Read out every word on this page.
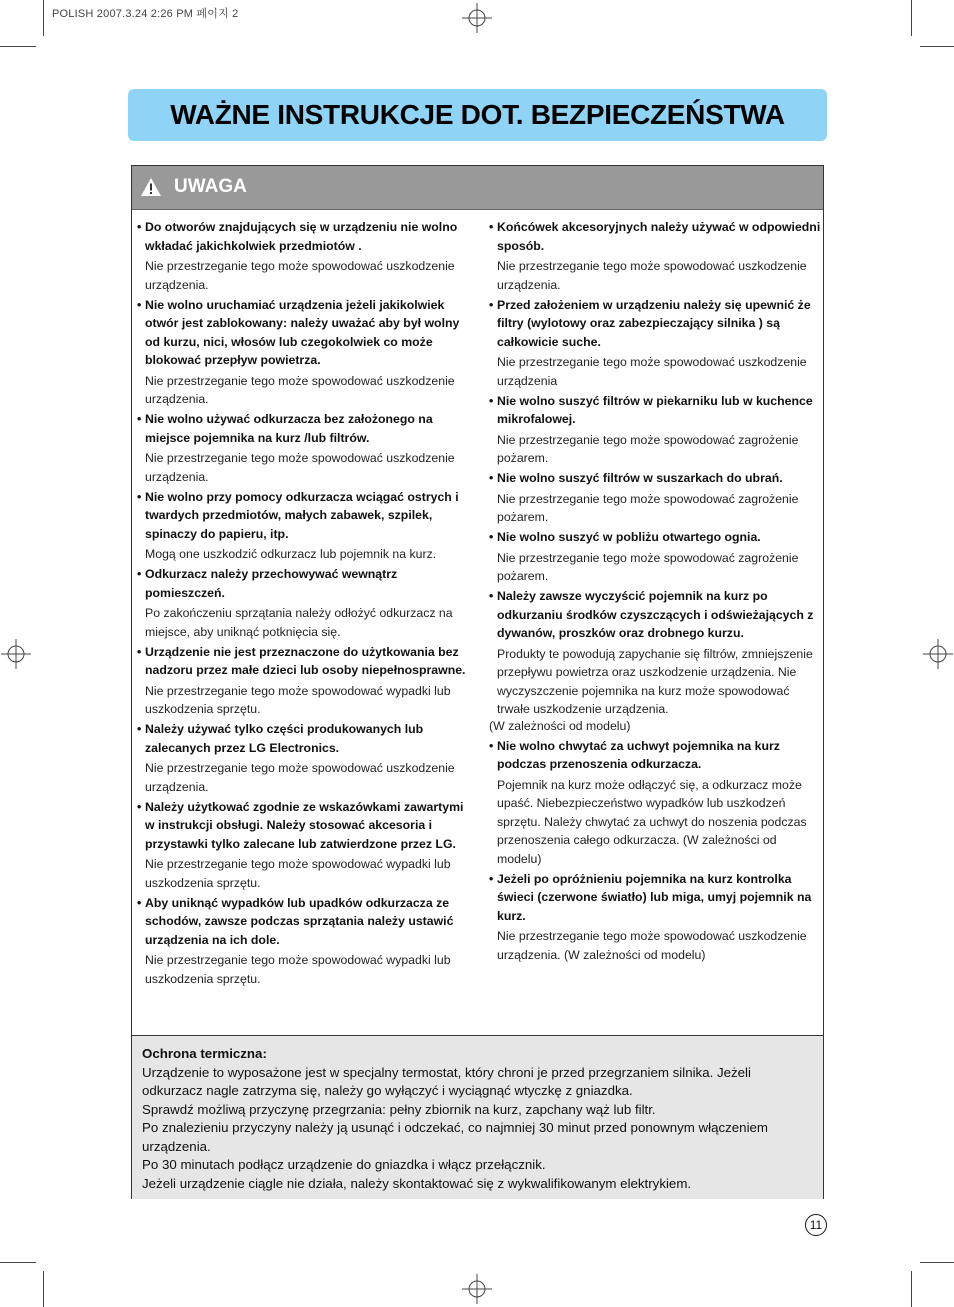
POLISH 2007.3.24 2:26 PM 페이지 2
WAŻNE INSTRUKCJE DOT. BEZPIECZEŃSTWA
UWAGA
• Do otworów znajdujących się w urządzeniu nie wolno wkładać jakichkolwiek przedmiotów .
Nie przestrzeganie tego może spowodować uszkodzenie urządzenia.
• Nie wolno uruchamiać urządzenia jeżeli jakikolwiek otwór jest zablokowany: należy uważać aby był wolny od kurzu, nici, włosów lub czegokolwiek co może blokować przepływ powietrza.
Nie przestrzeganie tego może spowodować uszkodzenie urządzenia.
• Nie wolno używać odkurzacza bez założonego na miejsce pojemnika na kurz /lub filtrów.
Nie przestrzeganie tego może spowodować uszkodzenie urządzenia.
• Nie wolno przy pomocy odkurzacza wciągać ostrych i twardych przedmiotów, małych zabawek, szpilek, spinaczy do papieru, itp.
Mogą one uszkodzić odkurzacz lub pojemnik na kurz.
• Odkurzacz należy przechowywać wewnątrz pomieszczeń.
Po zakończeniu sprzątania należy odłożyć odkurzacz na miejsce, aby uniknąć potknięcia się.
• Urządzenie nie jest przeznaczone do użytkowania bez nadzoru przez małe dzieci lub osoby niepełnosprawne.
Nie przestrzeganie tego może spowodować wypadki lub uszkodzenia sprzętu.
• Należy używać tylko części produkowanych lub zalecanych przez LG Electronics.
Nie przestrzeganie tego może spowodować uszkodzenie urządzenia.
• Należy użytkować zgodnie ze wskazówkami zawartymi w instrukcji obsługi. Należy stosować akcesoria i przystawki tylko zalecane lub zatwierdzone przez LG.
Nie przestrzeganie tego może spowodować wypadki lub uszkodzenia sprzętu.
• Aby uniknąć wypadków lub upadków odkurzacza ze schodów, zawsze podczas sprzątania należy ustawić urządzenia na ich dole.
Nie przestrzeganie tego może spowodować wypadki lub uszkodzenia sprzętu.
• Końcówek akcesoryjnych należy używać w odpowiedni sposób.
Nie przestrzeganie tego może spowodować uszkodzenie urządzenia.
• Przed założeniem w urządzeniu należy się upewnić że filtry (wylotowy oraz zabezpieczający silnika ) są całkowicie suche.
Nie przestrzeganie tego może spowodować uszkodzenie urządzenia
• Nie wolno suszyć filtrów w piekarniku lub w kuchence mikrofalowej.
Nie przestrzeganie tego może spowodować zagrożenie pożarem.
• Nie wolno suszyć filtrów w suszarkach do ubrań.
Nie przestrzeganie tego może spowodować zagrożenie pożarem.
• Nie wolno suszyć w pobliżu otwartego ognia.
Nie przestrzeganie tego może spowodować zagrożenie pożarem.
• Należy zawsze wyczyścić pojemnik na kurz po odkurzaniu środków czyszczących i odświeżających z dywanów, proszków oraz drobnego kurzu.
Produkty te powodują zapychanie się filtrów, zmniejszenie przepływu powietrza oraz uszkodzenie urządzenia. Nie wyczyszczenie pojemnika na kurz może spowodować trwałe uszkodzenie urządzenia.
(W zależności od modelu)
• Nie wolno chwytać za uchwyt pojemnika na kurz podczas przenoszenia odkurzacza.
Pojemnik na kurz może odłączyć się, a odkurzacz może upaść. Niebezpieczeństwo wypadków lub uszkodzeń sprzętu. Należy chwytać za uchwyt do noszenia podczas przenoszenia całego odkurzacza. (W zależności od modelu)
• Jeżeli po opróżnieniu pojemnika na kurz kontrolka świeci (czerwone światło) lub miga, umyj pojemnik na kurz.
Nie przestrzeganie tego może spowodować uszkodzenie urządzenia. (W zależności od modelu)
Ochrona termiczna:
Urządzenie to wyposażone jest w specjalny termostat, który chroni je przed przegrzaniem silnika. Jeżeli odkurzacz nagle zatrzyma się, należy go wyłączyć i wyciągnąć wtyczkę z gniazdka.
Sprawdź możliwą przyczynę przegrzania: pełny zbiornik na kurz, zapchany wąż lub filtr.
Po znalezieniu przyczyny należy ją usunąć i odczekać, co najmniej 30 minut przed ponownym włączeniem urządzenia.
Po 30 minutach podłącz urządzenie do gniazdka i włącz przełącznik.
Jeżeli urządzenie ciągle nie działa, należy skontaktować się z wykwalifikowanym elektrykiem.
11
